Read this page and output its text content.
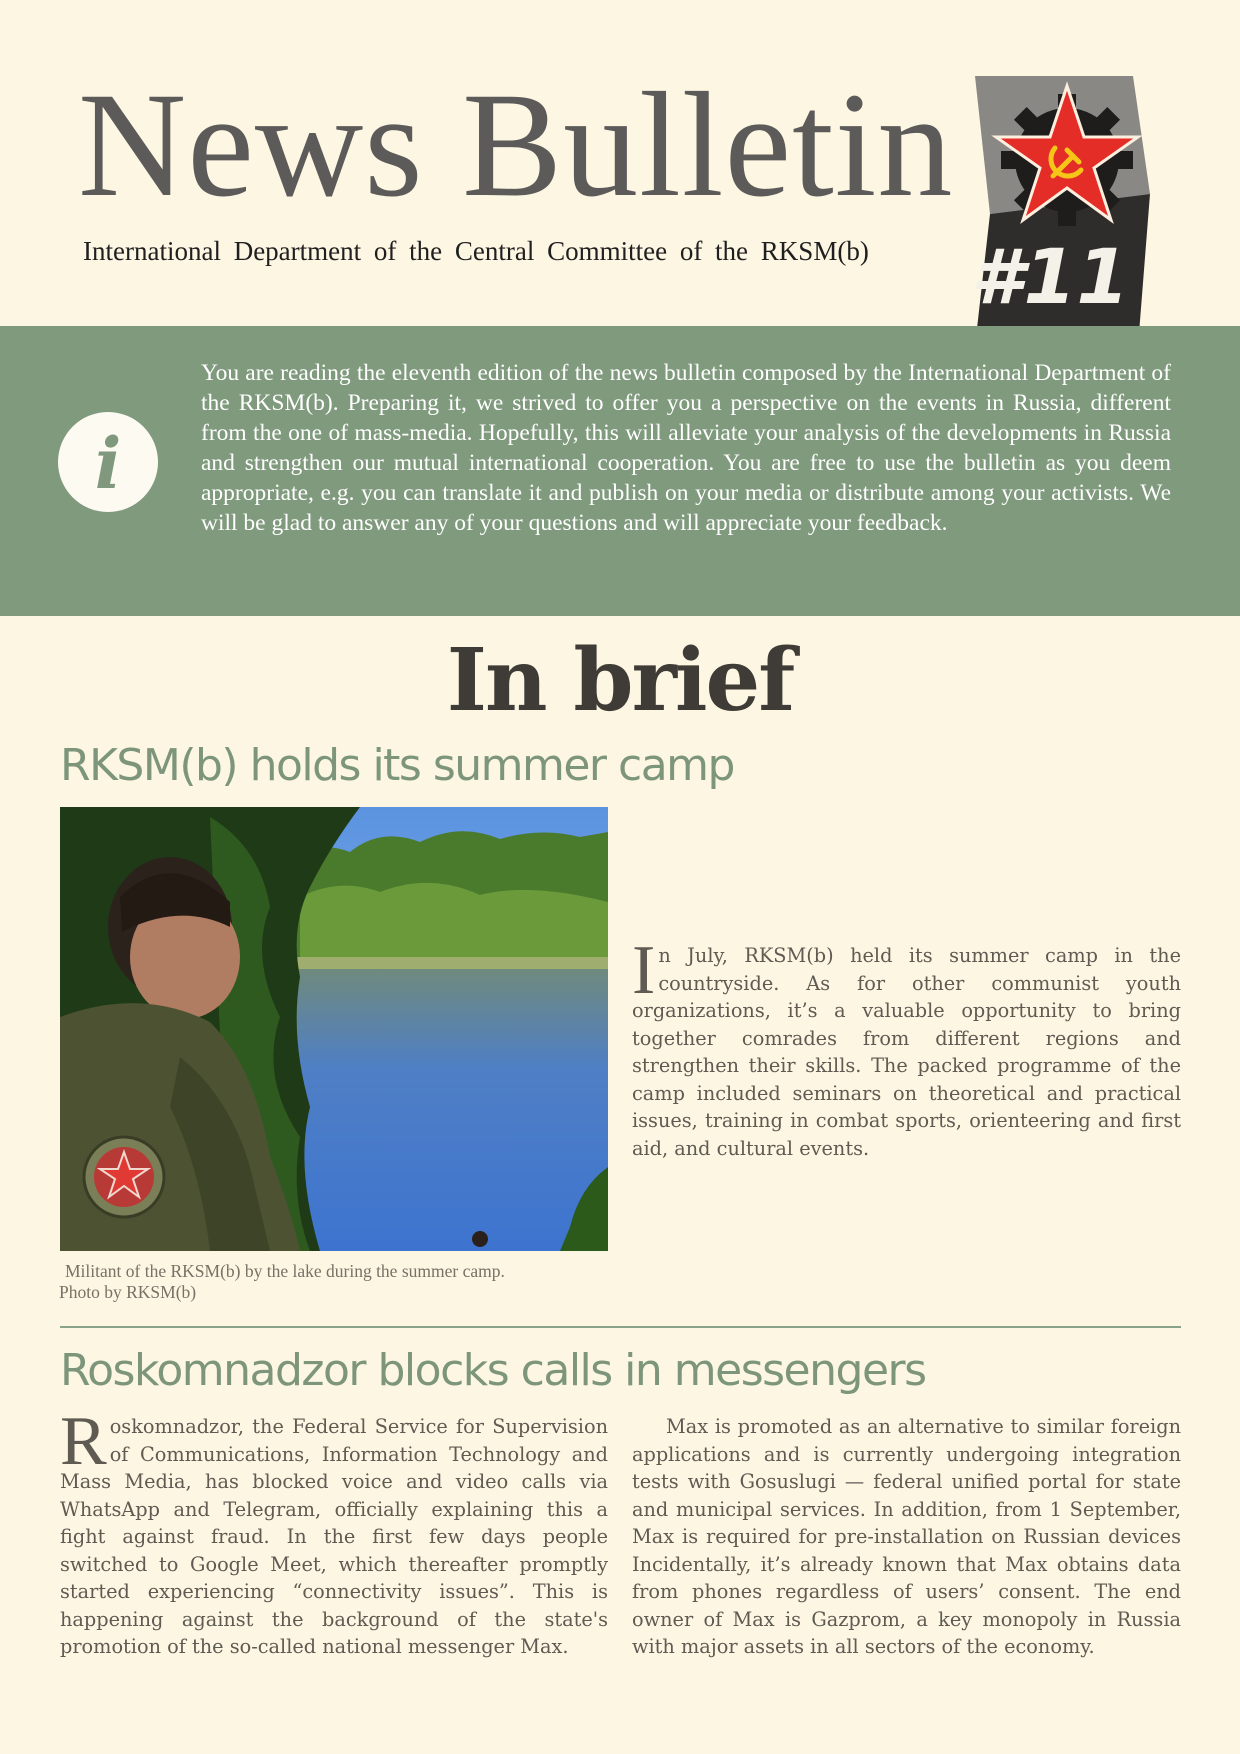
News Bulletin
International Department of the Central Committee of the RKSM(b) #11
i

You are reading the eleventh edition of the news bulletin composed by the International Department of the RKSM(b). Preparing it, we strived to offer you a perspective on the events in Russia, different from the one of mass-media. Hopefully, this will alleviate your analysis of the developments in Russia and strengthen our mutual international cooperation. You are free to use the bulletin as you deem appropriate, e.g. you can translate it and publish on your media or distribute among your activists. We will be glad to answer any of your questions and will appreciate your feedback.

In brief
RKSM(b) holds its summer camp
Militant of the RKSM(b) by the lake during the summer camp.
Photo by RKSM(b)

In July, RKSM(b) held its summer camp in the countryside. As for other communist youth organizations, it’s a valuable opportunity to bring together comrades from different regions and strengthen their skills. The packed programme of the camp included seminars on theoretical and practical issues, training in combat sports, orienteering and first aid, and cultural events.

Roskomnadzor blocks calls in messengers

Roskomnadzor, the Federal Service for Supervision of Communications, Information Technology and Mass Media, has blocked voice and video calls via WhatsApp and Telegram, officially explaining this a fight against fraud. In the first few days people switched to Google Meet, which thereafter promptly started experiencing “connectivity issues”. This is happening against the background of the state's promotion of the so-called national messenger Max.

Max is promoted as an alternative to similar foreign applications and is currently undergoing integration tests with Gosuslugi — federal unified portal for state and municipal services. In addition, from 1 September, Max is required for pre-installation on Russian devices Incidentally, it’s already known that Max obtains data from phones regardless of users’ consent. The end owner of Max is Gazprom, a key monopoly in Russia with major assets in all sectors of the economy.
